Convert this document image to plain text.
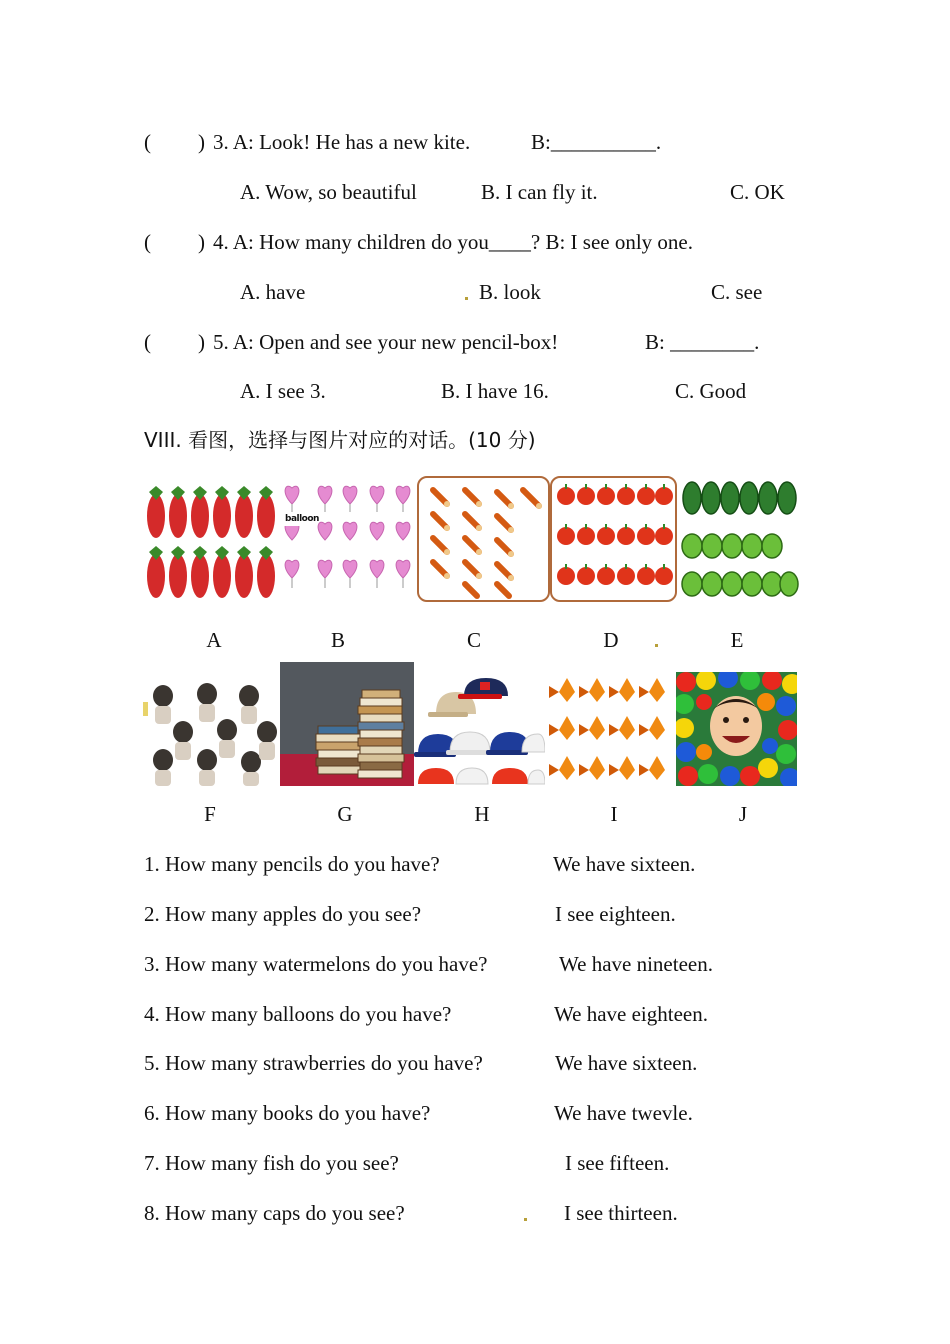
( ) 3. A: Look! He has a new kite.	B:__________.
A. Wow, so beautiful	B. I can fly it.	C. OK
( ) 4. A: How many children do you____? B: I see only one.
A. have	B. look	C. see
( ) 5. A: Open and see your new pencil-box!	B: ________.
A. I see 3.	B. I have 16.	C. Good
VIII. 看图，选择与图片对应的对话。(10 分)
balloon
A	B	C	D	E
F	G	H	I	J
1. How many pencils do you have?	We have sixteen.
2. How many apples do you see?	I see eighteen.
3. How many watermelons do you have?	We have nineteen.
4. How many balloons do you have?	We have eighteen.
5. How many strawberries do you have?	We have sixteen.
6. How many books do you have?	We have twevle.
7. How many fish do you see?	I see fifteen.
8. How many caps do you see?	I see thirteen.
